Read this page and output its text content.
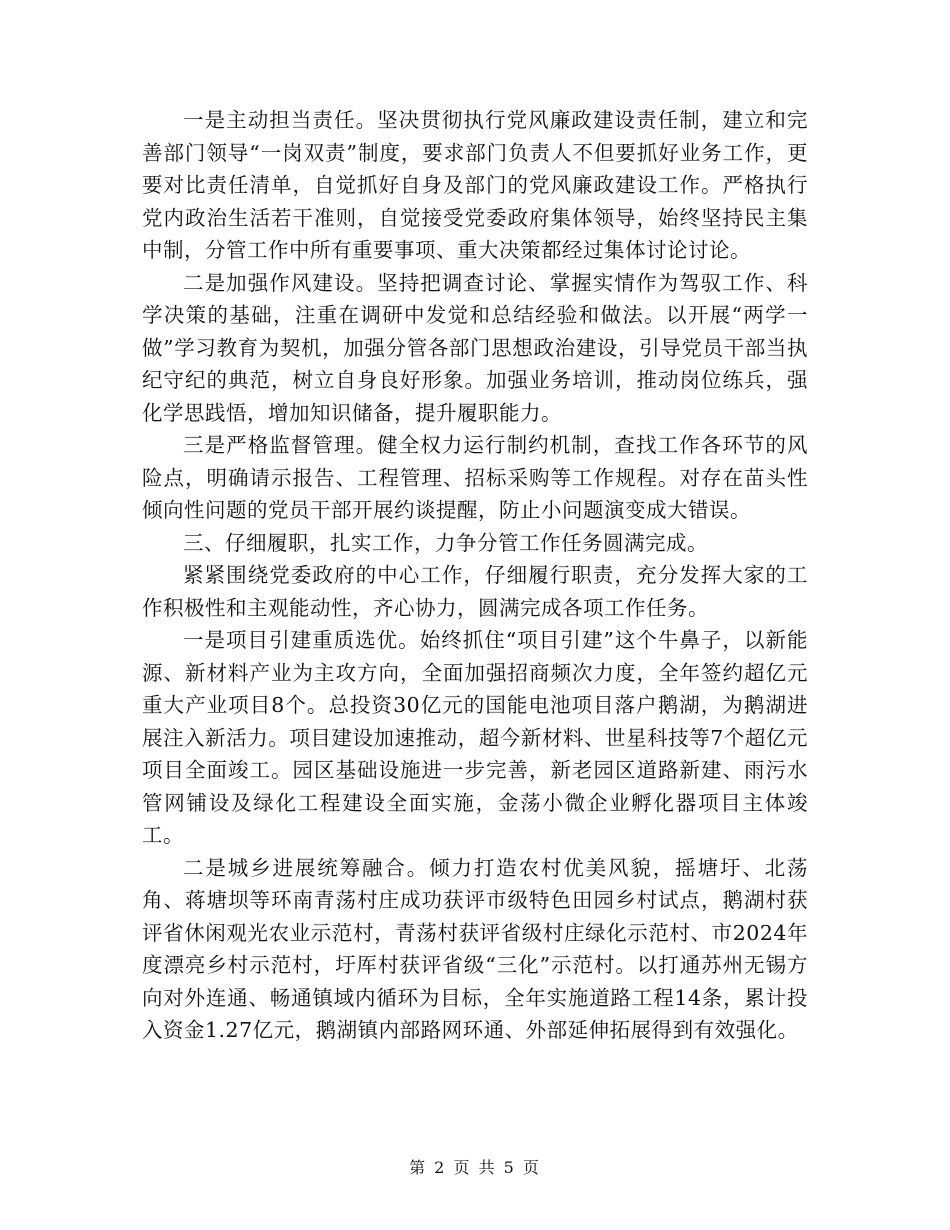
一是主动担当责任。坚决贯彻执行党风廉政建设责任制，建立和完善部门领导“一岗双责”制度，要求部门负责人不但要抓好业务工作，更要对比责任清单，自觉抓好自身及部门的党风廉政建设工作。严格执行党内政治生活若干准则，自觉接受党委政府集体领导，始终坚持民主集中制，分管工作中所有重要事项、重大决策都经过集体讨论讨论。

二是加强作风建设。坚持把调查讨论、掌握实情作为驾驭工作、科学决策的基础，注重在调研中发觉和总结经验和做法。以开展“两学一做”学习教育为契机，加强分管各部门思想政治建设，引导党员干部当执纪守纪的典范，树立自身良好形象。加强业务培训，推动岗位练兵，强化学思践悟，增加知识储备，提升履职能力。

三是严格监督管理。健全权力运行制约机制，查找工作各环节的风险点，明确请示报告、工程管理、招标采购等工作规程。对存在苗头性倾向性问题的党员干部开展约谈提醒，防止小问题演变成大错误。

三、仔细履职，扎实工作，力争分管工作任务圆满完成。

紧紧围绕党委政府的中心工作，仔细履行职责，充分发挥大家的工作积极性和主观能动性，齐心协力，圆满完成各项工作任务。

一是项目引建重质选优。始终抓住“项目引建”这个牛鼻子，以新能源、新材料产业为主攻方向，全面加强招商频次力度，全年签约超亿元重大产业项目8个。总投资30亿元的国能电池项目落户鹅湖，为鹅湖进展注入新活力。项目建设加速推动，超今新材料、世星科技等7个超亿元项目全面竣工。园区基础设施进一步完善，新老园区道路新建、雨污水管网铺设及绿化工程建设全面实施，金荡小微企业孵化器项目主体竣工。

二是城乡进展统筹融合。倾力打造农村优美风貌，摇塘圩、北荡角、蒋塘坝等环南青荡村庄成功获评市级特色田园乡村试点，鹅湖村获评省休闲观光农业示范村，青荡村获评省级村庄绿化示范村、市2024年度漂亮乡村示范村，圩厍村获评省级“三化”示范村。以打通苏州无锡方向对外连通、畅通镇域内循环为目标，全年实施道路工程14条，累计投入资金1.27亿元，鹅湖镇内部路网环通、外部延伸拓展得到有效强化。

第 2 页 共 5 页
